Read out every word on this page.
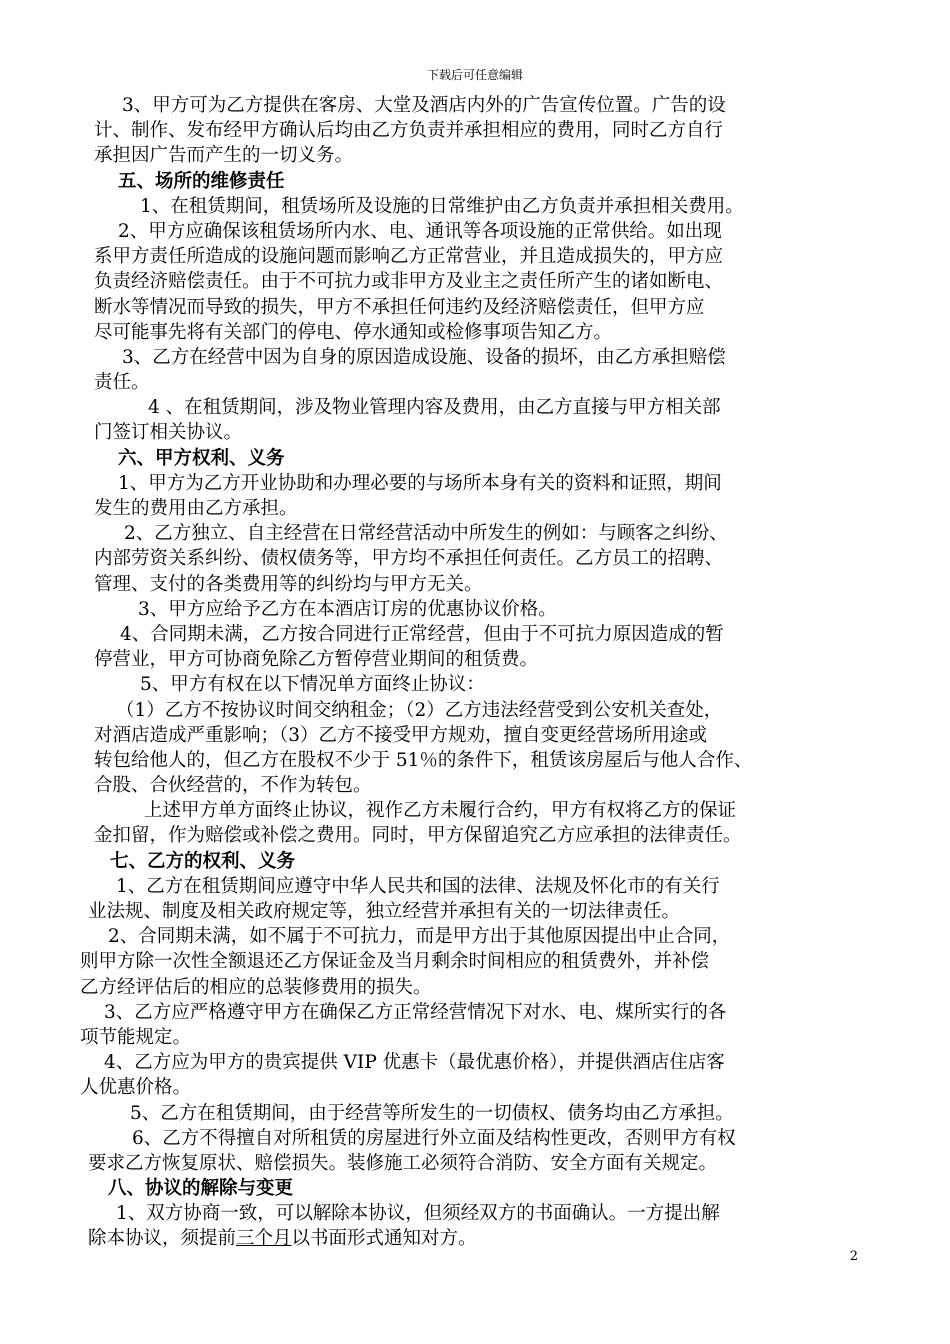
下载后可任意编辑
3、甲方可为乙方提供在客房、大堂及酒店内外的广告宣传位置。广告的设
计、制作、发布经甲方确认后均由乙方负责并承担相应的费用，同时乙方自行
承担因广告而产生的一切义务。
五、场所的维修责任
1、在租赁期间，租赁场所及设施的日常维护由乙方负责并承担相关费用。
2、甲方应确保该租赁场所内水、电、通讯等各项设施的正常供给。如出现
系甲方责任所造成的设施问题而影响乙方正常营业，并且造成损失的，甲方应
负责经济赔偿责任。由于不可抗力或非甲方及业主之责任所产生的诸如断电、
断水等情况而导致的损失，甲方不承担任何违约及经济赔偿责任，但甲方应
尽可能事先将有关部门的停电、停水通知或检修事项告知乙方。
3、乙方在经营中因为自身的原因造成设施、设备的损坏，由乙方承担赔偿
责任。
4 、在租赁期间，涉及物业管理内容及费用，由乙方直接与甲方相关部
门签订相关协议。
六、甲方权利、义务
1、甲方为乙方开业协助和办理必要的与场所本身有关的资料和证照，期间
发生的费用由乙方承担。
2、乙方独立、自主经营在日常经营活动中所发生的例如：与顾客之纠纷、
内部劳资关系纠纷、债权债务等，甲方均不承担任何责任。乙方员工的招聘、
管理、支付的各类费用等的纠纷均与甲方无关。
3、甲方应给予乙方在本酒店订房的优惠协议价格。
4、合同期未满，乙方按合同进行正常经营，但由于不可抗力原因造成的暂
停营业，甲方可协商免除乙方暂停营业期间的租赁费。
5、甲方有权在以下情况单方面终止协议：
（1）乙方不按协议时间交纳租金；（2）乙方违法经营受到公安机关查处，
对酒店造成严重影响；（3）乙方不接受甲方规劝，擅自变更经营场所用途或
转包给他人的，但乙方在股权不少于 51％的条件下，租赁该房屋后与他人合作、
合股、合伙经营的，不作为转包。
上述甲方单方面终止协议，视作乙方未履行合约，甲方有权将乙方的保证
金扣留，作为赔偿或补偿之费用。同时，甲方保留追究乙方应承担的法律责任。
七、乙方的权利、义务
1、乙方在租赁期间应遵守中华人民共和国的法律、法规及怀化市的有关行
业法规、制度及相关政府规定等，独立经营并承担有关的一切法律责任。
2、合同期未满，如不属于不可抗力，而是甲方出于其他原因提出中止合同，
则甲方除一次性全额退还乙方保证金及当月剩余时间相应的租赁费外，并补偿
乙方经评估后的相应的总装修费用的损失。
3、乙方应严格遵守甲方在确保乙方正常经营情况下对水、电、煤所实行的各
项节能规定。
4、乙方应为甲方的贵宾提供 VIP 优惠卡（最优惠价格），并提供酒店住店客
人优惠价格。
5、乙方在租赁期间，由于经营等所发生的一切债权、债务均由乙方承担。
6、乙方不得擅自对所租赁的房屋进行外立面及结构性更改，否则甲方有权
要求乙方恢复原状、赔偿损失。装修施工必须符合消防、安全方面有关规定。
八、协议的解除与变更
1、双方协商一致，可以解除本协议，但须经双方的书面确认。一方提出解
除本协议，须提前三个月以书面形式通知对方。
2
